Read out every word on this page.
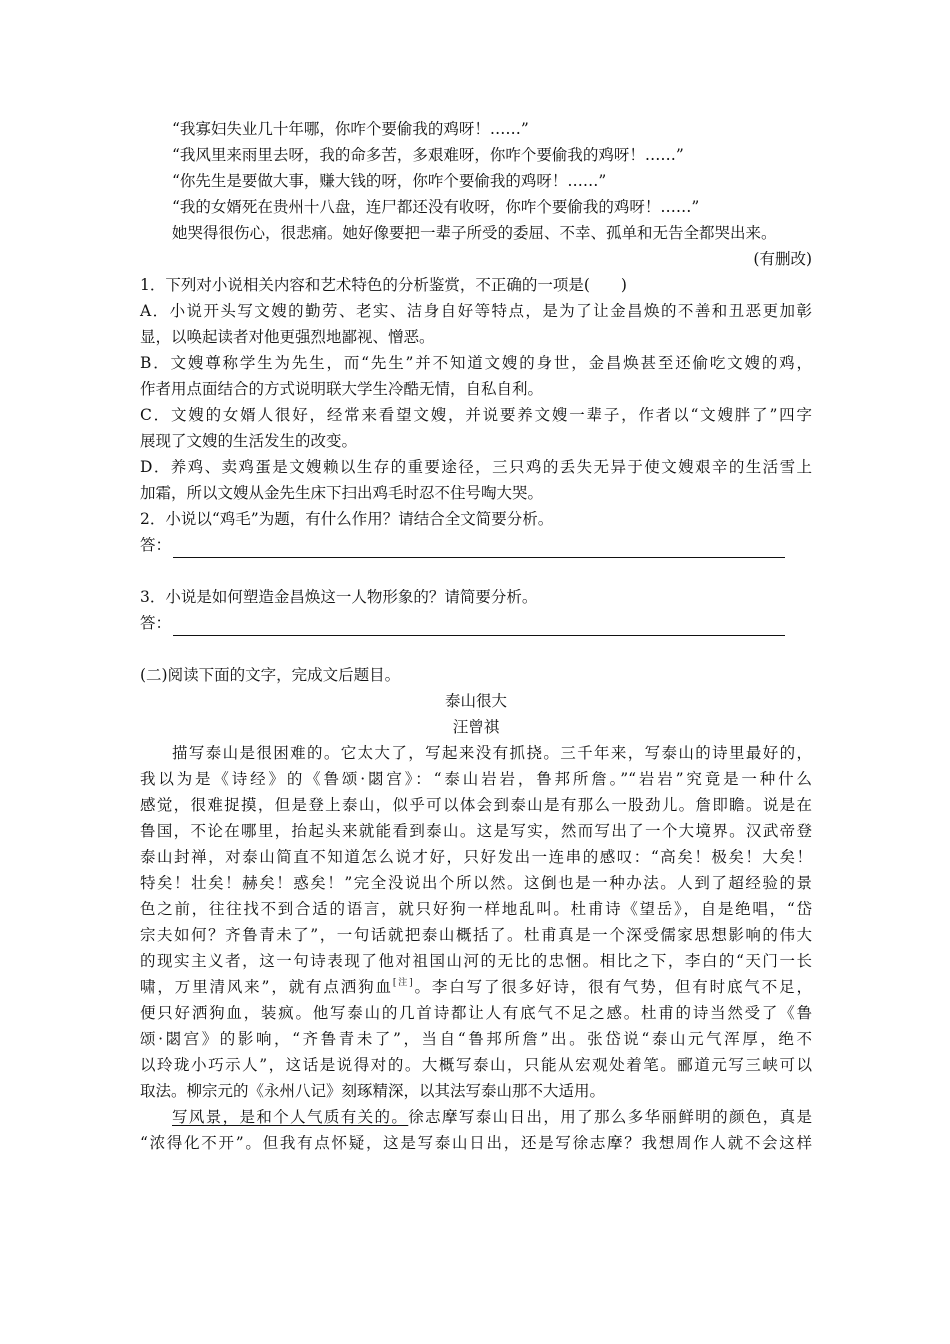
“我寡妇失业几十年哪，你咋个要偷我的鸡呀！……”
“我风里来雨里去呀，我的命多苦，多艰难呀，你咋个要偷我的鸡呀！……”
“你先生是要做大事，赚大钱的呀，你咋个要偷我的鸡呀！……”
“我的女婿死在贵州十八盘，连尸都还没有收呀，你咋个要偷我的鸡呀！……”
她哭得很伤心，很悲痛。她好像要把一辈子所受的委屈、不幸、孤单和无告全都哭出来。
(有删改)
1．下列对小说相关内容和艺术特色的分析鉴赏，不正确的一项是(　　)
A．小说开头写文嫂的勤劳、老实、洁身自好等特点，是为了让金昌焕的不善和丑恶更加彰
显，以唤起读者对他更强烈地鄙视、憎恶。
B．文嫂尊称学生为先生，而“先生”并不知道文嫂的身世，金昌焕甚至还偷吃文嫂的鸡，
作者用点面结合的方式说明联大学生冷酷无情，自私自利。
C．文嫂的女婿人很好，经常来看望文嫂，并说要养文嫂一辈子，作者以“文嫂胖了”四字
展现了文嫂的生活发生的改变。
D．养鸡、卖鸡蛋是文嫂赖以生存的重要途径，三只鸡的丢失无异于使文嫂艰辛的生活雪上
加霜，所以文嫂从金先生床下扫出鸡毛时忍不住号啕大哭。
2．小说以“鸡毛”为题，有什么作用？请结合全文简要分析。
答：
3．小说是如何塑造金昌焕这一人物形象的？请简要分析。
答：
(二)阅读下面的文字，完成文后题目。
泰山很大
汪曾祺
描写泰山是很困难的。它太大了，写起来没有抓挠。三千年来，写泰山的诗里最好的，
我以为是《诗经》的《鲁颂·閟宫》：“泰山岩岩，鲁邦所詹。”“岩岩”究竟是一种什么
感觉，很难捉摸，但是登上泰山，似乎可以体会到泰山是有那么一股劲儿。詹即瞻。说是在
鲁国，不论在哪里，抬起头来就能看到泰山。这是写实，然而写出了一个大境界。汉武帝登
泰山封禅，对泰山简直不知道怎么说才好，只好发出一连串的感叹：“高矣！极矣！大矣！
特矣！壮矣！赫矣！惑矣！”完全没说出个所以然。这倒也是一种办法。人到了超经验的景
色之前，往往找不到合适的语言，就只好狗一样地乱叫。杜甫诗《望岳》，自是绝唱，“岱
宗夫如何？齐鲁青未了”，一句话就把泰山概括了。杜甫真是一个深受儒家思想影响的伟大
的现实主义者，这一句诗表现了他对祖国山河的无比的忠悃。相比之下，李白的“天门一长
啸，万里清风来”，就有点洒狗血[注]。李白写了很多好诗，很有气势，但有时底气不足，
便只好洒狗血，装疯。他写泰山的几首诗都让人有底气不足之感。杜甫的诗当然受了《鲁
颂·閟宫》的影响，“齐鲁青未了”，当自“鲁邦所詹”出。张岱说“泰山元气浑厚，绝不
以玲珑小巧示人”，这话是说得对的。大概写泰山，只能从宏观处着笔。郦道元写三峡可以
取法。柳宗元的《永州八记》刻琢精深，以其法写泰山那不大适用。
写风景，是和个人气质有关的。徐志摩写泰山日出，用了那么多华丽鲜明的颜色，真是
“浓得化不开”。但我有点怀疑，这是写泰山日出，还是写徐志摩？我想周作人就不会这样
